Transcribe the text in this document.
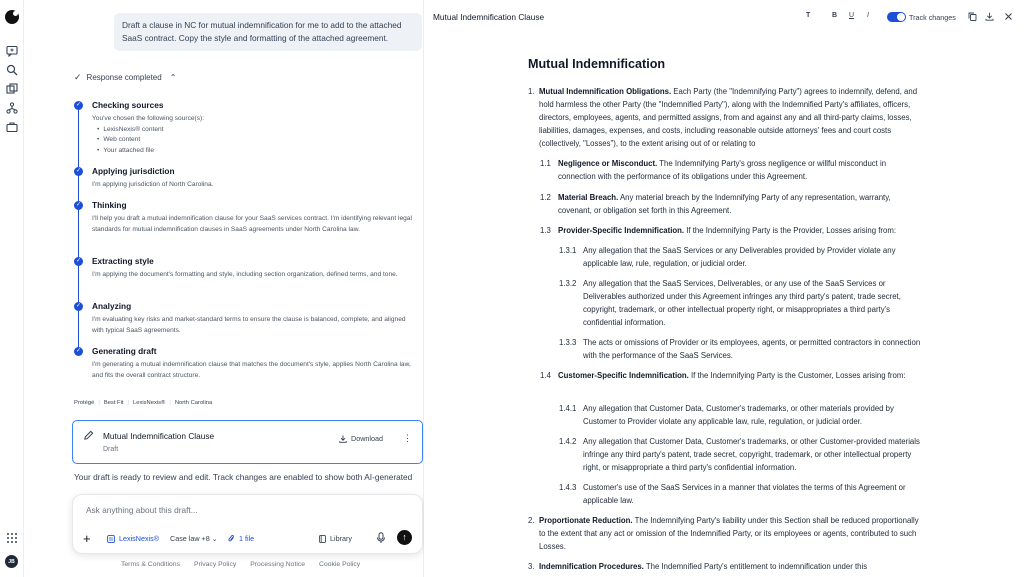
JB
Draft a clause in NC for mutual indemnification for me to add to the attached SaaS contract. Copy the style and formatting of the attached agreement.
✓ Response completed ⌃
✓ Checking sources
You've chosen the following source(s):
• LexisNexis® content
• Web content
• Your attached file
✓ Applying jurisdiction
I'm applying jurisdiction of North Carolina.
✓ Thinking
I'll help you draft a mutual indemnification clause for your SaaS services contract. I'm identifying relevant legal standards for mutual indemnification clauses in SaaS agreements under North Carolina law.
✓ Extracting style
I'm applying the document's formatting and style, including section organization, defined terms, and tone.
✓ Analyzing
I'm evaluating key risks and market-standard terms to ensure the clause is balanced, complete, and aligned with typical SaaS agreements.
✓ Generating draft
I'm generating a mutual indemnification clause that matches the document's style, applies North Carolina law, and fits the overall contract structure.
Protégé | Best Fit | LexisNexis® | North Carolina
Mutual Indemnification Clause
Draft
Download ⋮
Your draft is ready to review and edit. Track changes are enabled to show both AI-generated
Ask anything about this draft...
+	LexisNexis® Case law +8 ⌄	1 file	Library	↑
Terms & Conditions Privacy Policy Processing Notice Cookie Policy
Mutual Indemnification Clause	T	B U I	Track changes
Mutual Indemnification
1. Mutual Indemnification Obligations. Each Party (the "Indemnifying Party") agrees to indemnify, defend, and hold harmless the other Party (the "Indemnified Party"), along with the Indemnified Party's affiliates, officers, directors, employees, agents, and permitted assigns, from and against any and all third-party claims, losses, liabilities, damages, expenses, and costs, including reasonable outside attorneys' fees and court costs (collectively, "Losses"), to the extent arising out of or relating to
1.1 Negligence or Misconduct. The Indemnifying Party's gross negligence or willful misconduct in connection with the performance of its obligations under this Agreement.
1.2 Material Breach. Any material breach by the Indemnifying Party of any representation, warranty, covenant, or obligation set forth in this Agreement.
1.3 Provider-Specific Indemnification. If the Indemnifying Party is the Provider, Losses arising from:
1.3.1 Any allegation that the SaaS Services or any Deliverables provided by Provider violate any applicable law, rule, regulation, or judicial order.
1.3.2 Any allegation that the SaaS Services, Deliverables, or any use of the SaaS Services or Deliverables authorized under this Agreement infringes any third party's patent, trade secret, copyright, trademark, or other intellectual property right, or misappropriates a third party's confidential information.
1.3.3 The acts or omissions of Provider or its employees, agents, or permitted contractors in connection with the performance of the SaaS Services.
1.4 Customer-Specific Indemnification. If the Indemnifying Party is the Customer, Losses arising from:
1.4.1 Any allegation that Customer Data, Customer's trademarks, or other materials provided by Customer to Provider violate any applicable law, rule, regulation, or judicial order.
1.4.2 Any allegation that Customer Data, Customer's trademarks, or other Customer-provided materials infringe any third party's patent, trade secret, copyright, trademark, or other intellectual property right, or misappropriate a third party's confidential information.
1.4.3 Customer's use of the SaaS Services in a manner that violates the terms of this Agreement or applicable law.
2. Proportionate Reduction. The Indemnifying Party's liability under this Section shall be reduced proportionally to the extent that any act or omission of the Indemnified Party, or its employees or agents, contributed to such Losses.
3. Indemnification Procedures. The Indemnified Party's entitlement to indemnification under this
